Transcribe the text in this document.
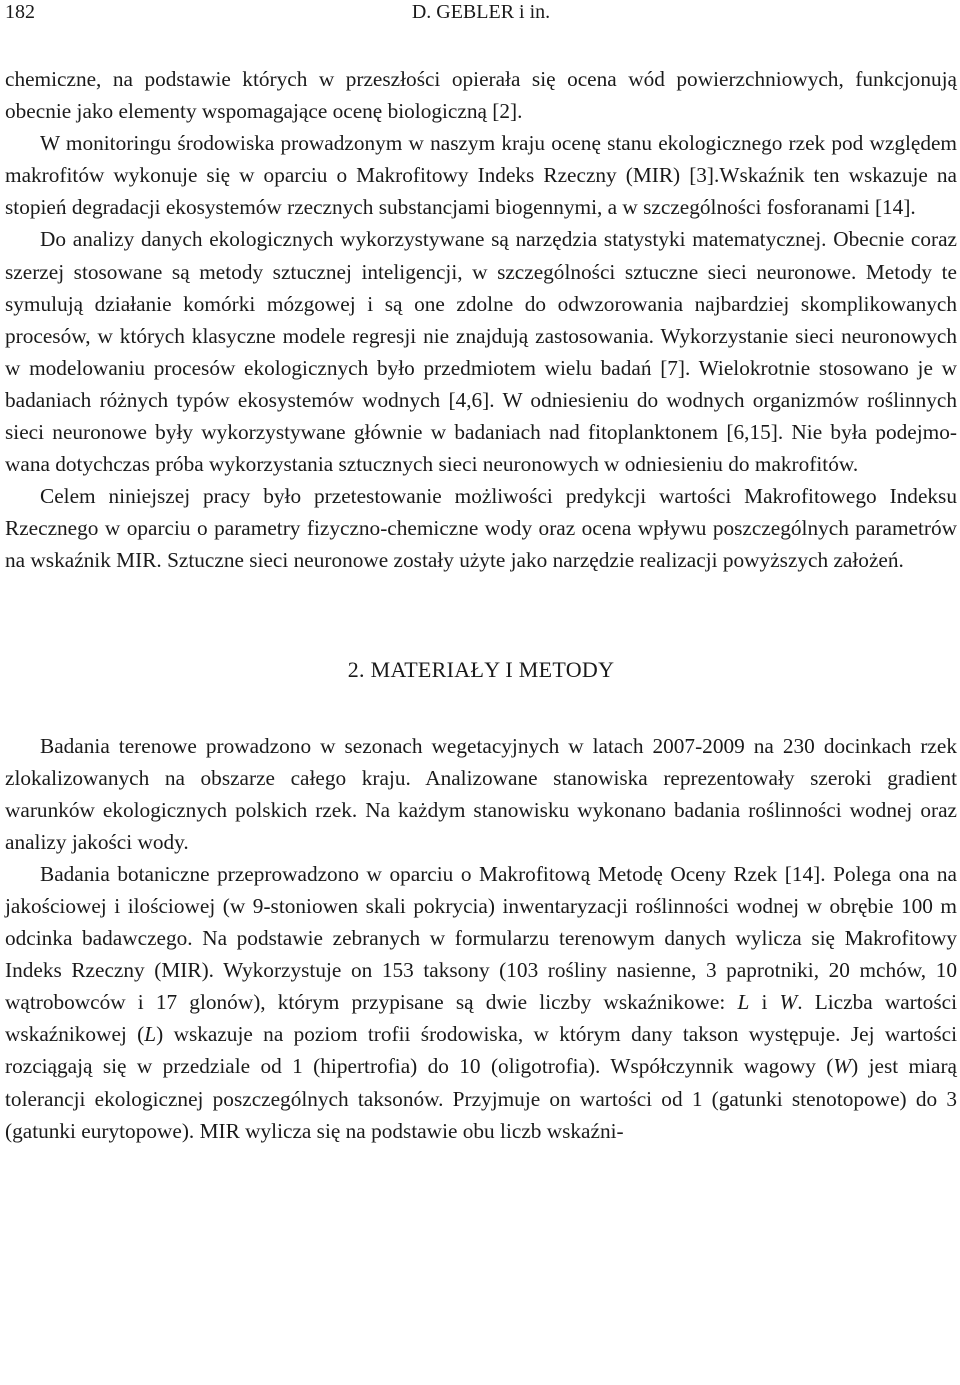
182	D. GEBLER i in.

chemiczne, na podstawie których w przeszłości opierała się ocena wód powierzchniowych, funkcjonują obecnie jako elementy wspomagające ocenę biologiczną [2].

W monitoringu środowiska prowadzonym w naszym kraju ocenę stanu ekologicznego rzek pod względem makrofitów wykonuje się w oparciu o Makrofitowy Indeks Rzeczny (MIR) [3].Wskaźnik ten wskazuje na stopień degradacji ekosystemów rzecznych substancjami biogennymi, a w szczególności fosforanami [14].

Do analizy danych ekologicznych wykorzystywane są narzędzia statystyki matematycznej. Obecnie coraz szerzej stosowane są metody sztucznej inteligencji, w szczególności sztuczne sieci neuronowe. Metody te symulują działanie komórki mózgowej i są one zdolne do odwzorowania najbardziej skomplikowanych procesów, w których klasyczne modele regresji nie znajdują zastosowania. Wykorzystanie sieci neuronowych w modelowaniu procesów ekologicznych było przedmiotem wielu badań [7]. Wielokrotnie stosowano je w badaniach różnych typów ekosystemów wodnych [4,6]. W odniesieniu do wodnych organizmów roślinnych sieci neuronowe były wykorzystywane głównie w badaniach nad fitoplanktonem [6,15]. Nie była podejmowana dotychczas próba wykorzystania sztucznych sieci neuronowych w odniesieniu do makrofitów.

Celem niniejszej pracy było przetestowanie możliwości predykcji wartości Makrofitowego Indeksu Rzecznego w oparciu o parametry fizyczno-chemiczne wody oraz ocena wpływu poszczególnych parametrów na wskaźnik MIR. Sztuczne sieci neuronowe zostały użyte jako narzędzie realizacji powyższych założeń.

2. MATERIAŁY I METODY

Badania terenowe prowadzono w sezonach wegetacyjnych w latach 2007-2009 na 230 docinkach rzek zlokalizowanych na obszarze całego kraju. Analizowane stanowiska reprezentowały szeroki gradient warunków ekologicznych polskich rzek. Na każdym stanowisku wykonano badania roślinności wodnej oraz analizy jakości wody.

Badania botaniczne przeprowadzono w oparciu o Makrofitową Metodę Oceny Rzek [14]. Polega ona na jakościowej i ilościowej (w 9-stoniowen skali pokrycia) inwentaryzacji roślinności wodnej w obrębie 100 m odcinka badawczego. Na podstawie zebranych w formularzu terenowym danych wylicza się Makrofitowy Indeks Rzeczny (MIR). Wykorzystuje on 153 taksony (103 rośliny nasienne, 3 paprotniki, 20 mchów, 10 wątrobowców i 17 glonów), którym przypisane są dwie liczby wskaźnikowe: L i W. Liczba wartości wskaźnikowej (L) wskazuje na poziom trofii środowiska, w którym dany takson występuje. Jej wartości rozciągają się w przedziale od 1 (hipertrofia) do 10 (oligotrofia). Współczynnik wagowy (W) jest miarą tolerancji ekologicznej poszczególnych taksonów. Przyjmuje on wartości od 1 (gatunki stenotopowe) do 3 (gatunki eurytopowe). MIR wylicza się na podstawie obu liczb wskaźni-
